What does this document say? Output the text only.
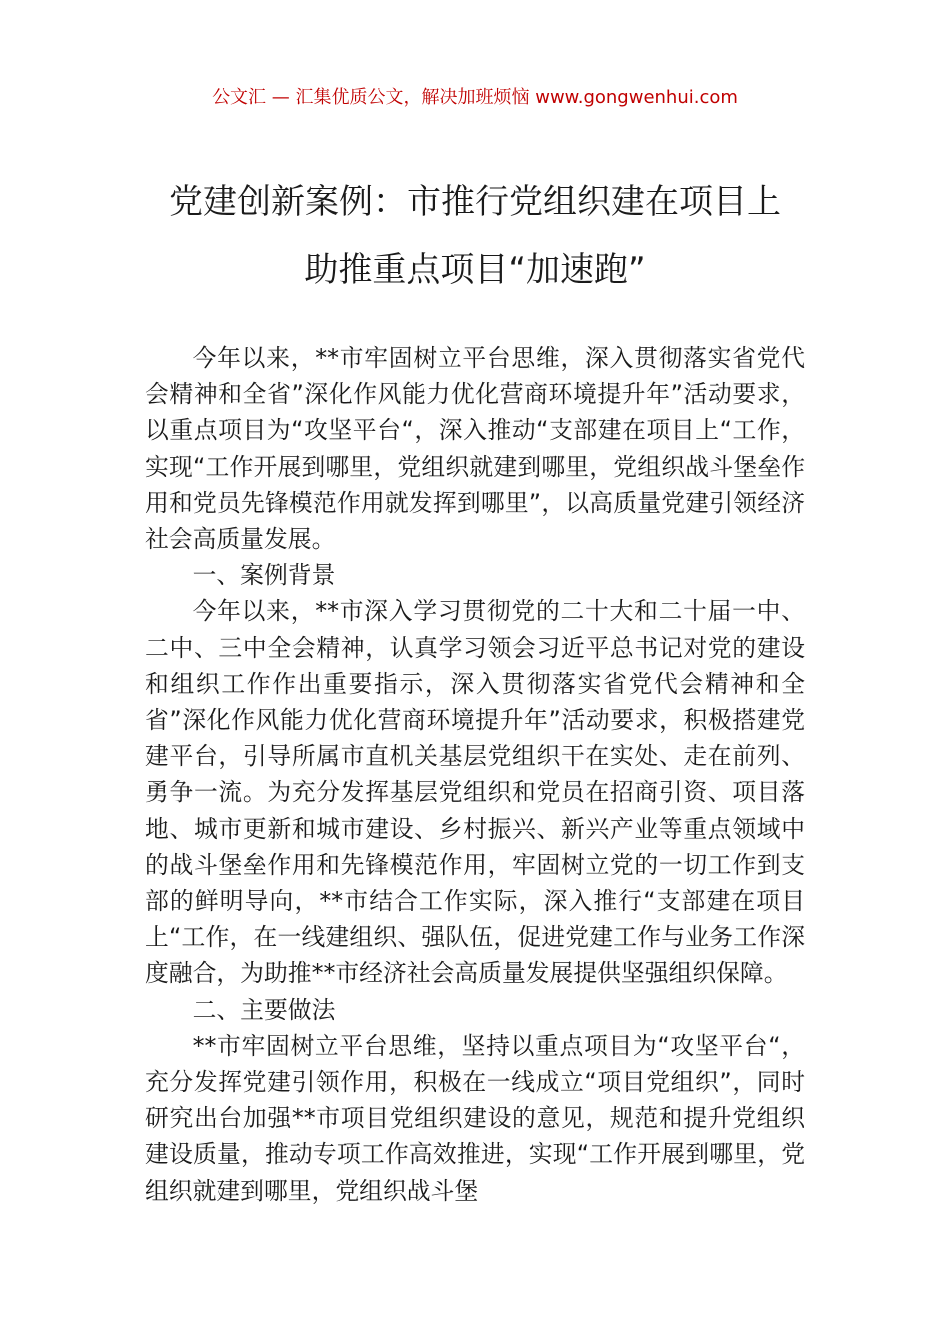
公文汇 — 汇集优质公文，解决加班烦恼 www.gongwenhui.com
党建创新案例：市推行党组织建在项目上
助推重点项目“加速跑”

今年以来，**市牢固树立平台思维，深入贯彻落实省党代会精神和全省”深化作风能力优化营商环境提升年”活动要求，以重点项目为“攻坚平台“，深入推动“支部建在项目上“工作，实现“工作开展到哪里，党组织就建到哪里，党组织战斗堡垒作用和党员先锋模范作用就发挥到哪里”，以高质量党建引领经济社会高质量发展。

一、案例背景

今年以来，**市深入学习贯彻党的二十大和二十届一中、二中、三中全会精神，认真学习领会习近平总书记对党的建设和组织工作作出重要指示，深入贯彻落实省党代会精神和全省”深化作风能力优化营商环境提升年”活动要求，积极搭建党建平台，引导所属市直机关基层党组织干在实处、走在前列、勇争一流。为充分发挥基层党组织和党员在招商引资、项目落地、城市更新和城市建设、乡村振兴、新兴产业等重点领域中的战斗堡垒作用和先锋模范作用，牢固树立党的一切工作到支部的鲜明导向，**市结合工作实际，深入推行“支部建在项目上“工作，在一线建组织、强队伍，促进党建工作与业务工作深度融合，为助推**市经济社会高质量发展提供坚强组织保障。

二、主要做法

**市牢固树立平台思维，坚持以重点项目为“攻坚平台“，充分发挥党建引领作用，积极在一线成立“项目党组织”，同时研究出台加强**市项目党组织建设的意见，规范和提升党组织建设质量，推动专项工作高效推进，实现“工作开展到哪里，党组织就建到哪里，党组织战斗堡
